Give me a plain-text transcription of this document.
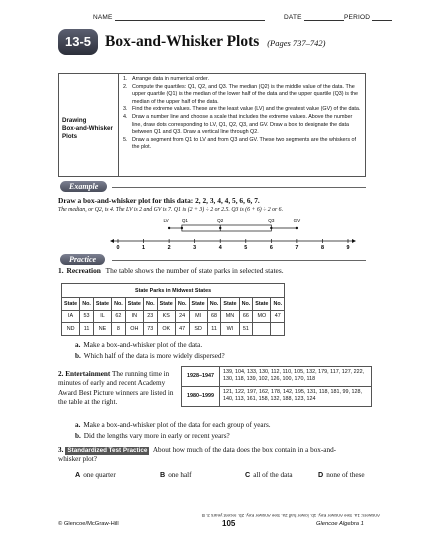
NAME	DATE	PERIOD
13-5 Box-and-Whisker Plots (Pages 737–742)
Drawing
Box-and-Whisker
Plots
1. Arrange data in numerical order.
2. Compute the quartiles: Q1, Q2, and Q3. The median (Q2) is the middle value of the data. The upper quartile (Q1) is the median of the lower half of the data and the upper quartile (Q3) is the median of the upper half of the data.
3. Find the extreme values. These are the least value (LV) and the greatest value (GV) of the data.
4. Draw a number line and choose a scale that includes the extreme values. Above the number line, draw dots corresponding to LV, Q1, Q2, Q3, and GV. Draw a box to designate the data between Q1 and Q3. Draw a vertical line through Q2.
5. Draw a segment from Q1 to LV and from Q3 and GV. These two segments are the whiskers of the plot.
Example
Draw a box-and-whisker plot for this data: 2, 2, 3, 4, 4, 5, 6, 6, 7.
The median, or Q2, is 4. The LV is 2 and GV is 7. Q1 is (2 + 3) ÷ 2 or 2.5. Q3 is (6 + 6) ÷ 2 or 6.
LV	Q1	Q2	Q3	GV
0	1	2	3	4	5	6	7	8	9
Practice
1. Recreation The table shows the number of state parks in selected states.
State Parks in Midwest States													
State	No.	State	No.	State	No.	State	No.	State	No.	State	No.	State	No.
IA	53	IL	62	IN	23	KS	24	MI	68	MN	66	MO	47
ND	11	NE	8	OH	73	OK	47	SD	11	WI	51		
a. Make a box-and-whisker plot of the data.
b. Which half of the data is more widely dispersed?
2. Entertainment The running time in minutes of early and recent Academy Award Best Picture winners are listed in the table at the right.
1928–1947	139, 104, 133, 130, 112, 110, 105, 132, 179, 117, 127, 222, 130, 118, 139, 102, 126, 100, 170, 118
1980–1999	121, 122, 197, 162, 178, 142, 195, 131, 118, 181, 99, 128, 140, 113, 161, 158, 132, 188, 123, 124
a. Make a box-and-whisker plot of the data for each group of years.
b. Did the lengths vary more in early or recent years?
3. Standardized Test Practice About how much of the data does the box contain in a box-and-whisker plot?
A one quarter	B one half	C all of the data	D none of these
Answers: 1a. See Answer Key. 1b. lower half 2a. See Answer Key. 2b. recent years 3. B
© Glencoe/McGraw-Hill	105	Glencoe Algebra 1
